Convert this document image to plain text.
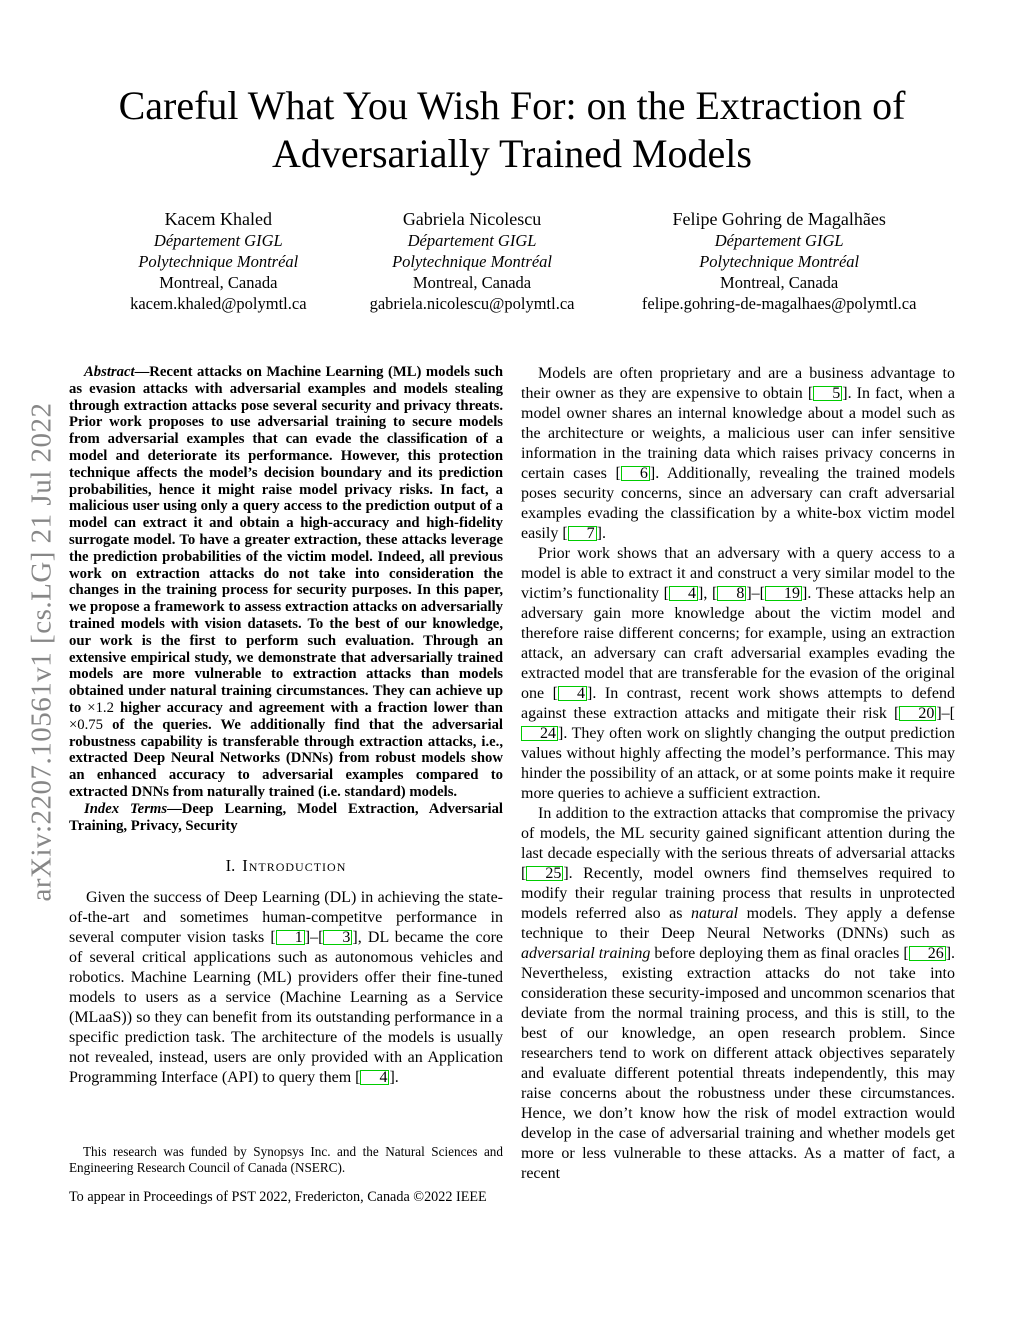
arXiv:2207.10561v1 [cs.LG] 21 Jul 2022
Careful What You Wish For: on the Extraction of Adversarially Trained Models
Kacem Khaled
Département GIGL
Polytechnique Montréal
Montreal, Canada
kacem.khaled@polymtl.ca
Gabriela Nicolescu
Département GIGL
Polytechnique Montréal
Montreal, Canada
gabriela.nicolescu@polymtl.ca
Felipe Gohring de Magalhães
Département GIGL
Polytechnique Montréal
Montreal, Canada
felipe.gohring-de-magalhaes@polymtl.ca

Abstract—Recent attacks on Machine Learning (ML) models such as evasion attacks with adversarial examples and models stealing through extraction attacks pose several security and privacy threats. Prior work proposes to use adversarial training to secure models from adversarial examples that can evade the classification of a model and deteriorate its performance. However, this protection technique affects the model’s decision boundary and its prediction probabilities, hence it might raise model privacy risks. In fact, a malicious user using only a query access to the prediction output of a model can extract it and obtain a high-accuracy and high-fidelity surrogate model. To have a greater extraction, these attacks leverage the prediction probabilities of the victim model. Indeed, all previous work on extraction attacks do not take into consideration the changes in the training process for security purposes. In this paper, we propose a framework to assess extraction attacks on adversarially trained models with vision datasets. To the best of our knowledge, our work is the first to perform such evaluation. Through an extensive empirical study, we demonstrate that adversarially trained models are more vulnerable to extraction attacks than models obtained under natural training circumstances. They can achieve up to ×1.2 higher accuracy and agreement with a fraction lower than ×0.75 of the queries. We additionally find that the adversarial robustness capability is transferable through extraction attacks, i.e., extracted Deep Neural Networks (DNNs) from robust models show an enhanced accuracy to adversarial examples compared to extracted DNNs from naturally trained (i.e. standard) models.

Index Terms—Deep Learning, Model Extraction, Adversarial Training, Privacy, Security

I. Introduction

Given the success of Deep Learning (DL) in achieving the state-of-the-art and sometimes human-competitve performance in several computer vision tasks [ 1 ]–[ 3 ], DL became the core of several critical applications such as autonomous vehicles and robotics. Machine Learning (ML) providers offer their fine-tuned models to users as a service (Machine Learning as a Service (MLaaS)) so they can benefit from its outstanding performance in a specific prediction task. The architecture of the models is usually not revealed, instead, users are only provided with an Application Programming Interface (API) to query them [ 4 ].

This research was funded by Synopsys Inc. and the Natural Sciences and Engineering Research Council of Canada (NSERC).

To appear in Proceedings of PST 2022, Fredericton, Canada ©2022 IEEE

Models are often proprietary and are a business advantage to their owner as they are expensive to obtain [ 5 ]. In fact, when a model owner shares an internal knowledge about a model such as the architecture or weights, a malicious user can infer sensitive information in the training data which raises privacy concerns in certain cases [ 6 ]. Additionally, revealing the trained models poses security concerns, since an adversary can craft adversarial examples evading the classification by a white-box victim model easily [ 7 ].

Prior work shows that an adversary with a query access to a model is able to extract it and construct a very similar model to the victim’s functionality [ 4 ], [ 8 ]–[ 19 ]. These attacks help an adversary gain more knowledge about the victim model and therefore raise different concerns; for example, using an extraction attack, an adversary can craft adversarial examples evading the extracted model that are transferable for the evasion of the original one [ 4 ]. In contrast, recent work shows attempts to defend against these extraction attacks and mitigate their risk [ 20 ]–[24 ]. They often work on slightly changing the output prediction values without highly affecting the model’s performance. This may hinder the possibility of an attack, or at some points make it require more queries to achieve a sufficient extraction.

In addition to the extraction attacks that compromise the privacy of models, the ML security gained significant attention during the last decade especially with the serious threats of adversarial attacks [ 25 ]. Recently, model owners find themselves required to modify their regular training process that results in unprotected models referred also as natural models. They apply a defense technique to their Deep Neural Networks (DNNs) such as adversarial training before deploying them as final oracles [ 26 ]. Nevertheless, existing extraction attacks do not take into consideration these security-imposed and uncommon scenarios that deviate from the normal training process, and this is still, to the best of our knowledge, an open research problem. Since researchers tend to work on different attack objectives separately and evaluate different potential threats independently, this may raise concerns about the robustness under these circumstances. Hence, we don’t know how the risk of model extraction would develop in the case of adversarial training and whether models get more or less vulnerable to these attacks. As a matter of fact, a recent
